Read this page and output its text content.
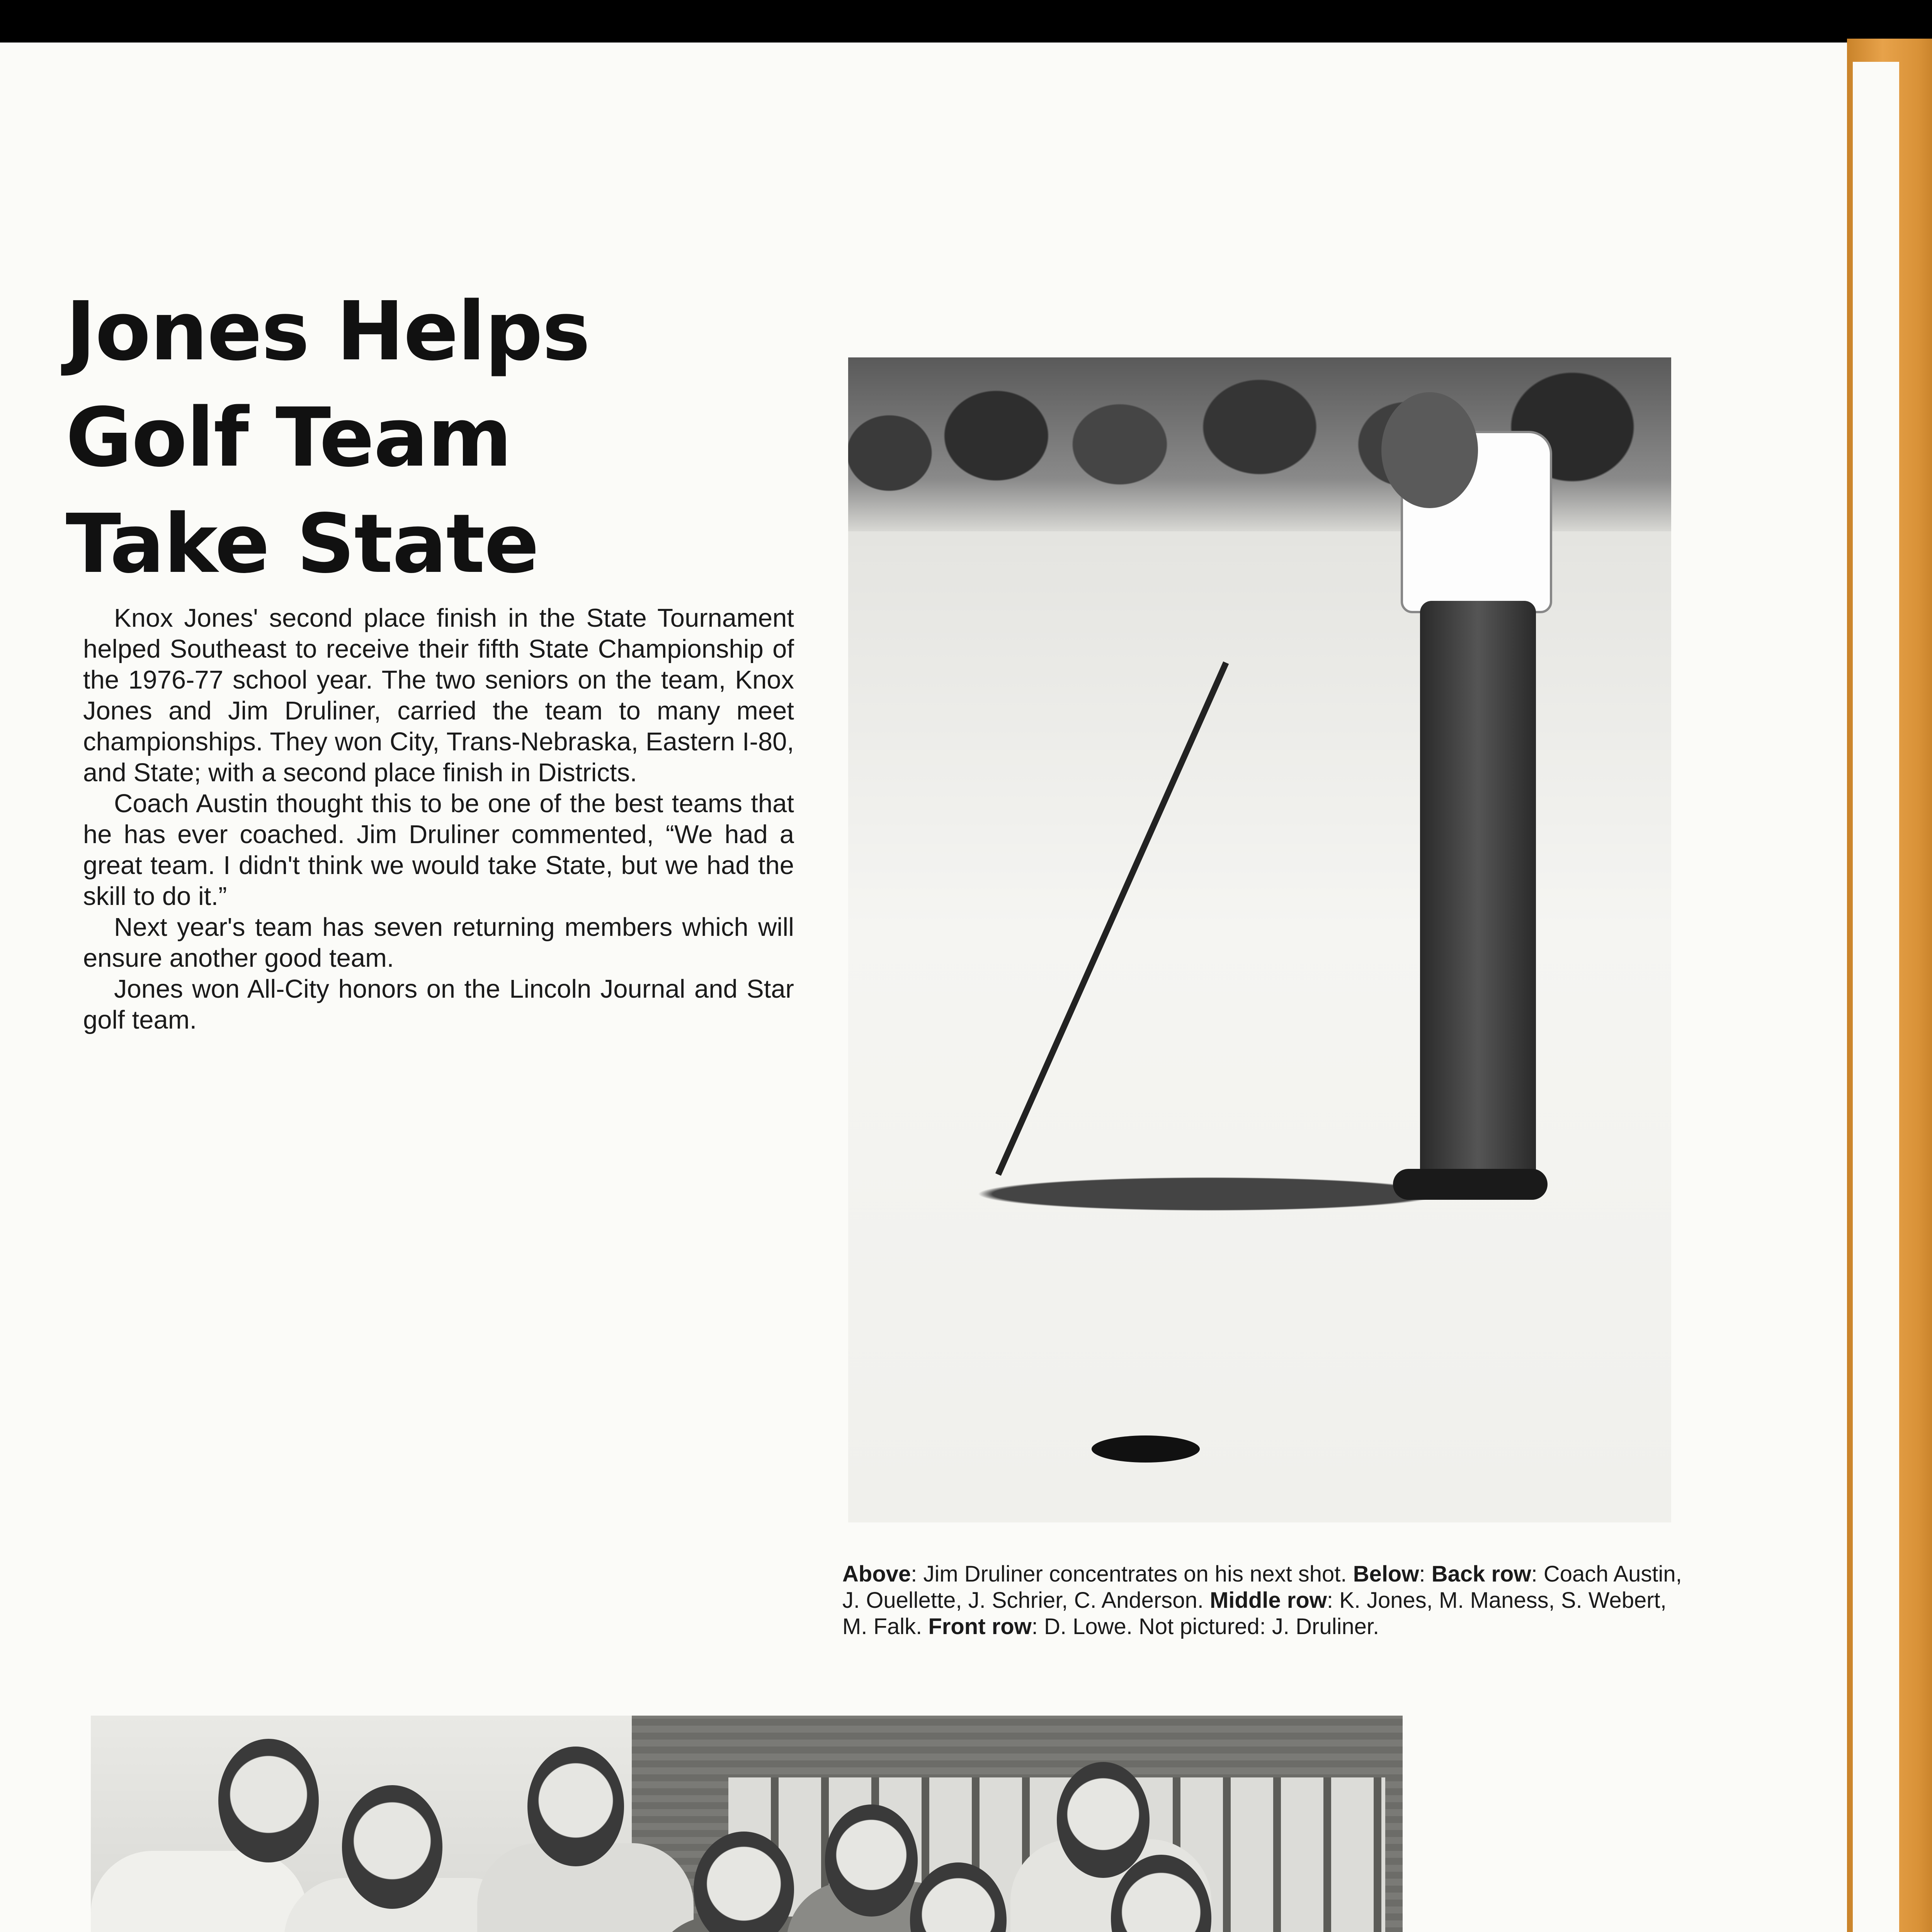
Jones Helps
Golf Team
Take State

Knox Jones' second place finish in the State Tournament helped Southeast to receive their fifth State Championship of the 1976-77 school year. The two seniors on the team, Knox Jones and Jim Druliner, carried the team to many meet championships. They won City, Trans-Nebraska, Eastern I-80, and State; with a second place finish in Districts.

Coach Austin thought this to be one of the best teams that he has ever coached. Jim Druliner commented, “We had a great team. I didn't think we would take State, but we had the skill to do it.”

Next year's team has seven returning members which will ensure another good team.

Jones won All-City honors on the Lincoln Journal and Star golf team.

Above: Jim Druliner concentrates on his next shot. Below: Back row: Coach Austin, J. Ouellette, J. Schrier, C. Anderson. Middle row: K. Jones, M. Maness, S. Webert, M. Falk. Front row: D. Lowe. Not pictured: J. Druliner.
